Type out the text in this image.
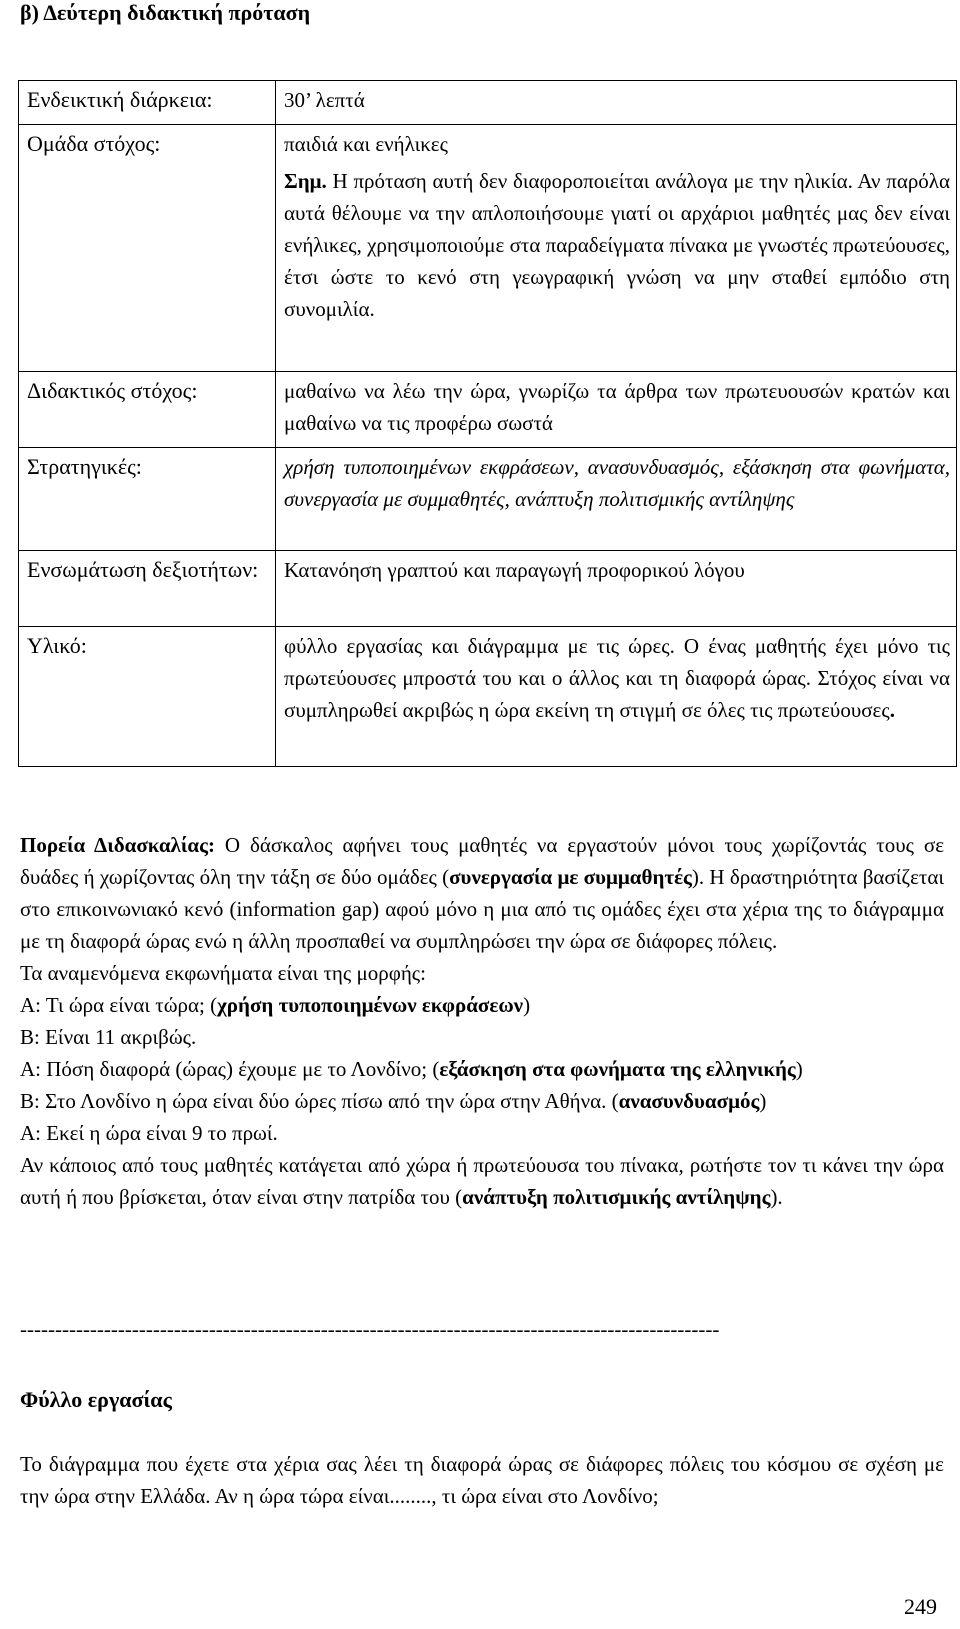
β) Δεύτερη διδακτική πρόταση
Ενδεικτική διάρκεια:	30’ λεπτά
Ομάδα στόχος:	παιδιά και ενήλικες
Σημ. Η πρόταση αυτή δεν διαφοροποιείται ανάλογα με την ηλικία. Αν παρόλα αυτά θέλουμε να την απλοποιήσουμε γιατί οι αρχάριοι μαθητές μας δεν είναι ενήλικες, χρησιμοποιούμε στα παραδείγματα πίνακα με γνωστές πρωτεύουσες, έτσι ώστε το κενό στη γεωγραφική γνώση να μην σταθεί εμπόδιο στη συνομιλία.

Διδακτικός στόχος:	μαθαίνω να λέω την ώρα, γνωρίζω τα άρθρα των πρωτευουσών κρατών και μαθαίνω να τις προφέρω σωστά
Στρατηγικές:	χρήση τυποποιημένων εκφράσεων, ανασυνδυασμός, εξάσκηση στα φωνήματα, συνεργασία με συμμαθητές, ανάπτυξη πολιτισμικής αντίληψης
Ενσωμάτωση δεξιοτήτων:	Κατανόηση γραπτού και παραγωγή προφορικού λόγου
Υλικό:	φύλλο εργασίας και διάγραμμα με τις ώρες. Ο ένας μαθητής έχει μόνο τις πρωτεύουσες μπροστά του και ο άλλος και τη διαφορά ώρας. Στόχος είναι να συμπληρωθεί ακριβώς η ώρα εκείνη τη στιγμή σε όλες τις πρωτεύουσες.
Πορεία Διδασκαλίας: Ο δάσκαλος αφήνει τους μαθητές να εργαστούν μόνοι τους χωρίζοντάς τους σε δυάδες ή χωρίζοντας όλη την τάξη σε δύο ομάδες (συνεργασία με συμμαθητές). Η δραστηριότητα βασίζεται στο επικοινωνιακό κενό (information gap) αφού μόνο η μια από τις ομάδες έχει στα χέρια της το διάγραμμα με τη διαφορά ώρας ενώ η άλλη προσπαθεί να συμπληρώσει την ώρα σε διάφορες πόλεις.
Τα αναμενόμενα εκφωνήματα είναι της μορφής:
Α: Τι ώρα είναι τώρα; (χρήση τυποποιημένων εκφράσεων)
Β: Είναι 11 ακριβώς.
Α: Πόση διαφορά (ώρας) έχουμε με το Λονδίνο; (εξάσκηση στα φωνήματα της ελληνικής)
Β: Στο Λονδίνο η ώρα είναι δύο ώρες πίσω από την ώρα στην Αθήνα. (ανασυνδυασμός)
Α: Εκεί η ώρα είναι 9 το πρωί.
Αν κάποιος από τους μαθητές κατάγεται από χώρα ή πρωτεύουσα του πίνακα, ρωτήστε τον τι κάνει την ώρα αυτή ή που βρίσκεται, όταν είναι στην πατρίδα του (ανάπτυξη πολιτισμικής αντίληψης).
----------------------------------------------------------------------------------------------------
Φύλλο εργασίας
Το διάγραμμα που έχετε στα χέρια σας λέει τη διαφορά ώρας σε διάφορες πόλεις του κόσμου σε σχέση με την ώρα στην Ελλάδα. Αν η ώρα τώρα είναι........, τι ώρα είναι στο Λονδίνο;
249
